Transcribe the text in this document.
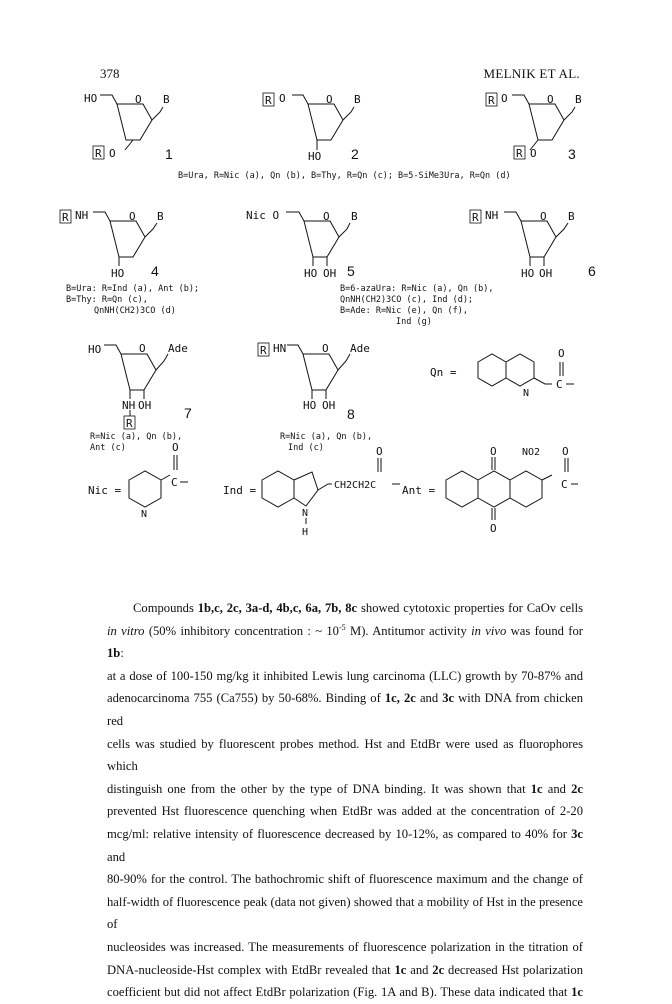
378	MELNIK ET AL.
HO	O B
R O	1
R O	O B
HO 2
R O	O B
R O 3
B=Ura, R=Nic (a), Qn (b), B=Thy, R=Qn (c); B=5-SiMe3Ura, R=Qn (d)
R NH	O B
HO 4
Nic O	O B
HO OH 5
R NH	O B
HO OH	6
B=Ura: R=Ind (a), Ant (b);
B=Thy: R=Qn (c),
QnNH(CH2)3CO (d)
B=6-azaUra: R=Nic (a), Qn (b),
QnNH(CH2)3CO (c), Ind (d);
B=Ade: R=Nic (e), Qn (f),
Ind (g)
HO	O Ade
NH OH
R
7
R HN	O Ade
HO OH
8
Qn =
N
O
C
R=Nic (a), Qn (b),
Ant (c)
R=Nic (a), Qn (b),
Ind (c)
Nic =
N
O
C
Ind =	CH2CH2C
O
N
H
Ant =
O
O
NO2 O
C

Compounds 1b,c, 2c, 3a-d, 4b,c, 6a, 7b, 8c showed cytotoxic properties for CaOv cells
in vitro (50% inhibitory concentration : ~ $10^{-5}$ M). Antitumor activity in vivo was found for 1b:
at a dose of 100-150 mg/kg it inhibited Lewis lung carcinoma (LLC) growth by 70-87% and
adenocarcinoma 755 (Ca755) by 50-68%. Binding of 1c, 2c and 3c with DNA from chicken red
cells was studied by fluorescent probes method. Hst and EtdBr were used as fluorophores which
distinguish one from the other by the type of DNA binding. It was shown that 1c and 2c
prevented Hst fluorescence quenching when EtdBr was added at the concentration of 2-20
mcg/ml: relative intensity of fluorescence decreased by 10-12%, as compared to 40% for 3c and
80-90% for the control. The bathochromic shift of fluorescence maximum and the change of
half-width of fluorescence peak (data not given) showed that a mobility of Hst in the presence of
nucleosides was increased. The measurements of fluorescence polarization in the titration of
DNA-nucleoside-Hst complex with EtdBr revealed that 1c and 2c decreased Hst polarization
coefficient but did not affect EtdBr polarization (Fig. 1A and B). These data indicated that 1c
